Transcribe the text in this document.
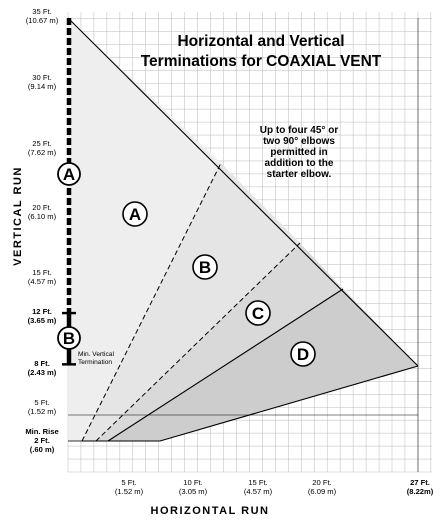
Horizontal and Vertical
Terminations for COAXIAL VENT
Up to four 45° or
two 90° elbows
permitted in
addition to the
starter elbow.
HORIZONTAL RUN
VERTICAL RUN
35 Ft.
(10.67 m)
30 Ft.
(9.14 m)
25 Ft.
(7.62 m)
20 Ft.
(6.10 m)
15 Ft.
(4.57 m)
12 Ft.
(3.65 m)
8 Ft.
(2.43 m)
5 Ft.
(1.52 m)
Min. Rise
2 Ft.
(.60 m)
5 Ft.
(1.52 m)
10 Ft.
(3.05 m)
15 Ft.
(4.57 m)
20 Ft.
(6.09 m)
27 Ft.
(8.22m)
Min. Vertical
Termination
A
B
C
D
A
B
